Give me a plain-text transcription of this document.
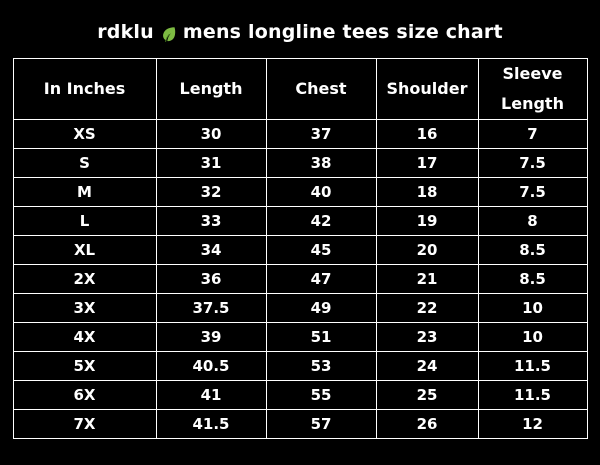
rdklu mens longline tees size chart
In Inches	Length	Chest	Shoulder	Sleeve Length
XS	30	37	16	7
S	31	38	17	7.5
M	32	40	18	7.5
L	33	42	19	8
XL	34	45	20	8.5
2X	36	47	21	8.5
3X	37.5	49	22	10
4X	39	51	23	10
5X	40.5	53	24	11.5
6X	41	55	25	11.5
7X	41.5	57	26	12
